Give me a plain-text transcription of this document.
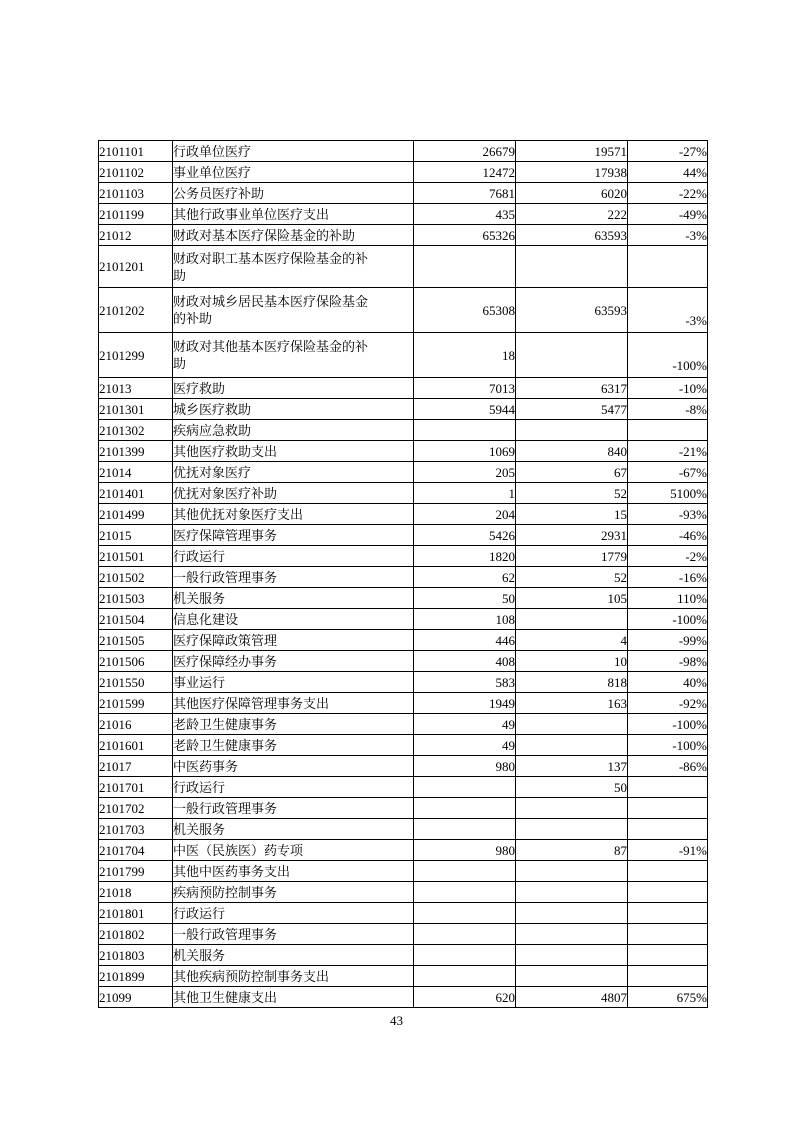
2101101	行政单位医疗	26679	19571	-27%
2101102	事业单位医疗	12472	17938	44%
2101103	公务员医疗补助	7681	6020	-22%
2101199	其他行政事业单位医疗支出	435	222	-49%
21012	财政对基本医疗保险基金的补助	65326	63593	-3%
2101201	财政对职工基本医疗保险基金的补助			
2101202	财政对城乡居民基本医疗保险基金的补助	65308	63593	-3%
2101299	财政对其他基本医疗保险基金的补助	18		-100%
21013	医疗救助	7013	6317	-10%
2101301	城乡医疗救助	5944	5477	-8%
2101302	疾病应急救助			
2101399	其他医疗救助支出	1069	840	-21%
21014	优抚对象医疗	205	67	-67%
2101401	优抚对象医疗补助	1	52	5100%
2101499	其他优抚对象医疗支出	204	15	-93%
21015	医疗保障管理事务	5426	2931	-46%
2101501	行政运行	1820	1779	-2%
2101502	一般行政管理事务	62	52	-16%
2101503	机关服务	50	105	110%
2101504	信息化建设	108		-100%
2101505	医疗保障政策管理	446	4	-99%
2101506	医疗保障经办事务	408	10	-98%
2101550	事业运行	583	818	40%
2101599	其他医疗保障管理事务支出	1949	163	-92%
21016	老龄卫生健康事务	49		-100%
2101601	老龄卫生健康事务	49		-100%
21017	中医药事务	980	137	-86%
2101701	行政运行		50	
2101702	一般行政管理事务			
2101703	机关服务			
2101704	中医（民族医）药专项	980	87	-91%
2101799	其他中医药事务支出			
21018	疾病预防控制事务			
2101801	行政运行			
2101802	一般行政管理事务			
2101803	机关服务			
2101899	其他疾病预防控制事务支出			
21099	其他卫生健康支出	620	4807	675%
43
